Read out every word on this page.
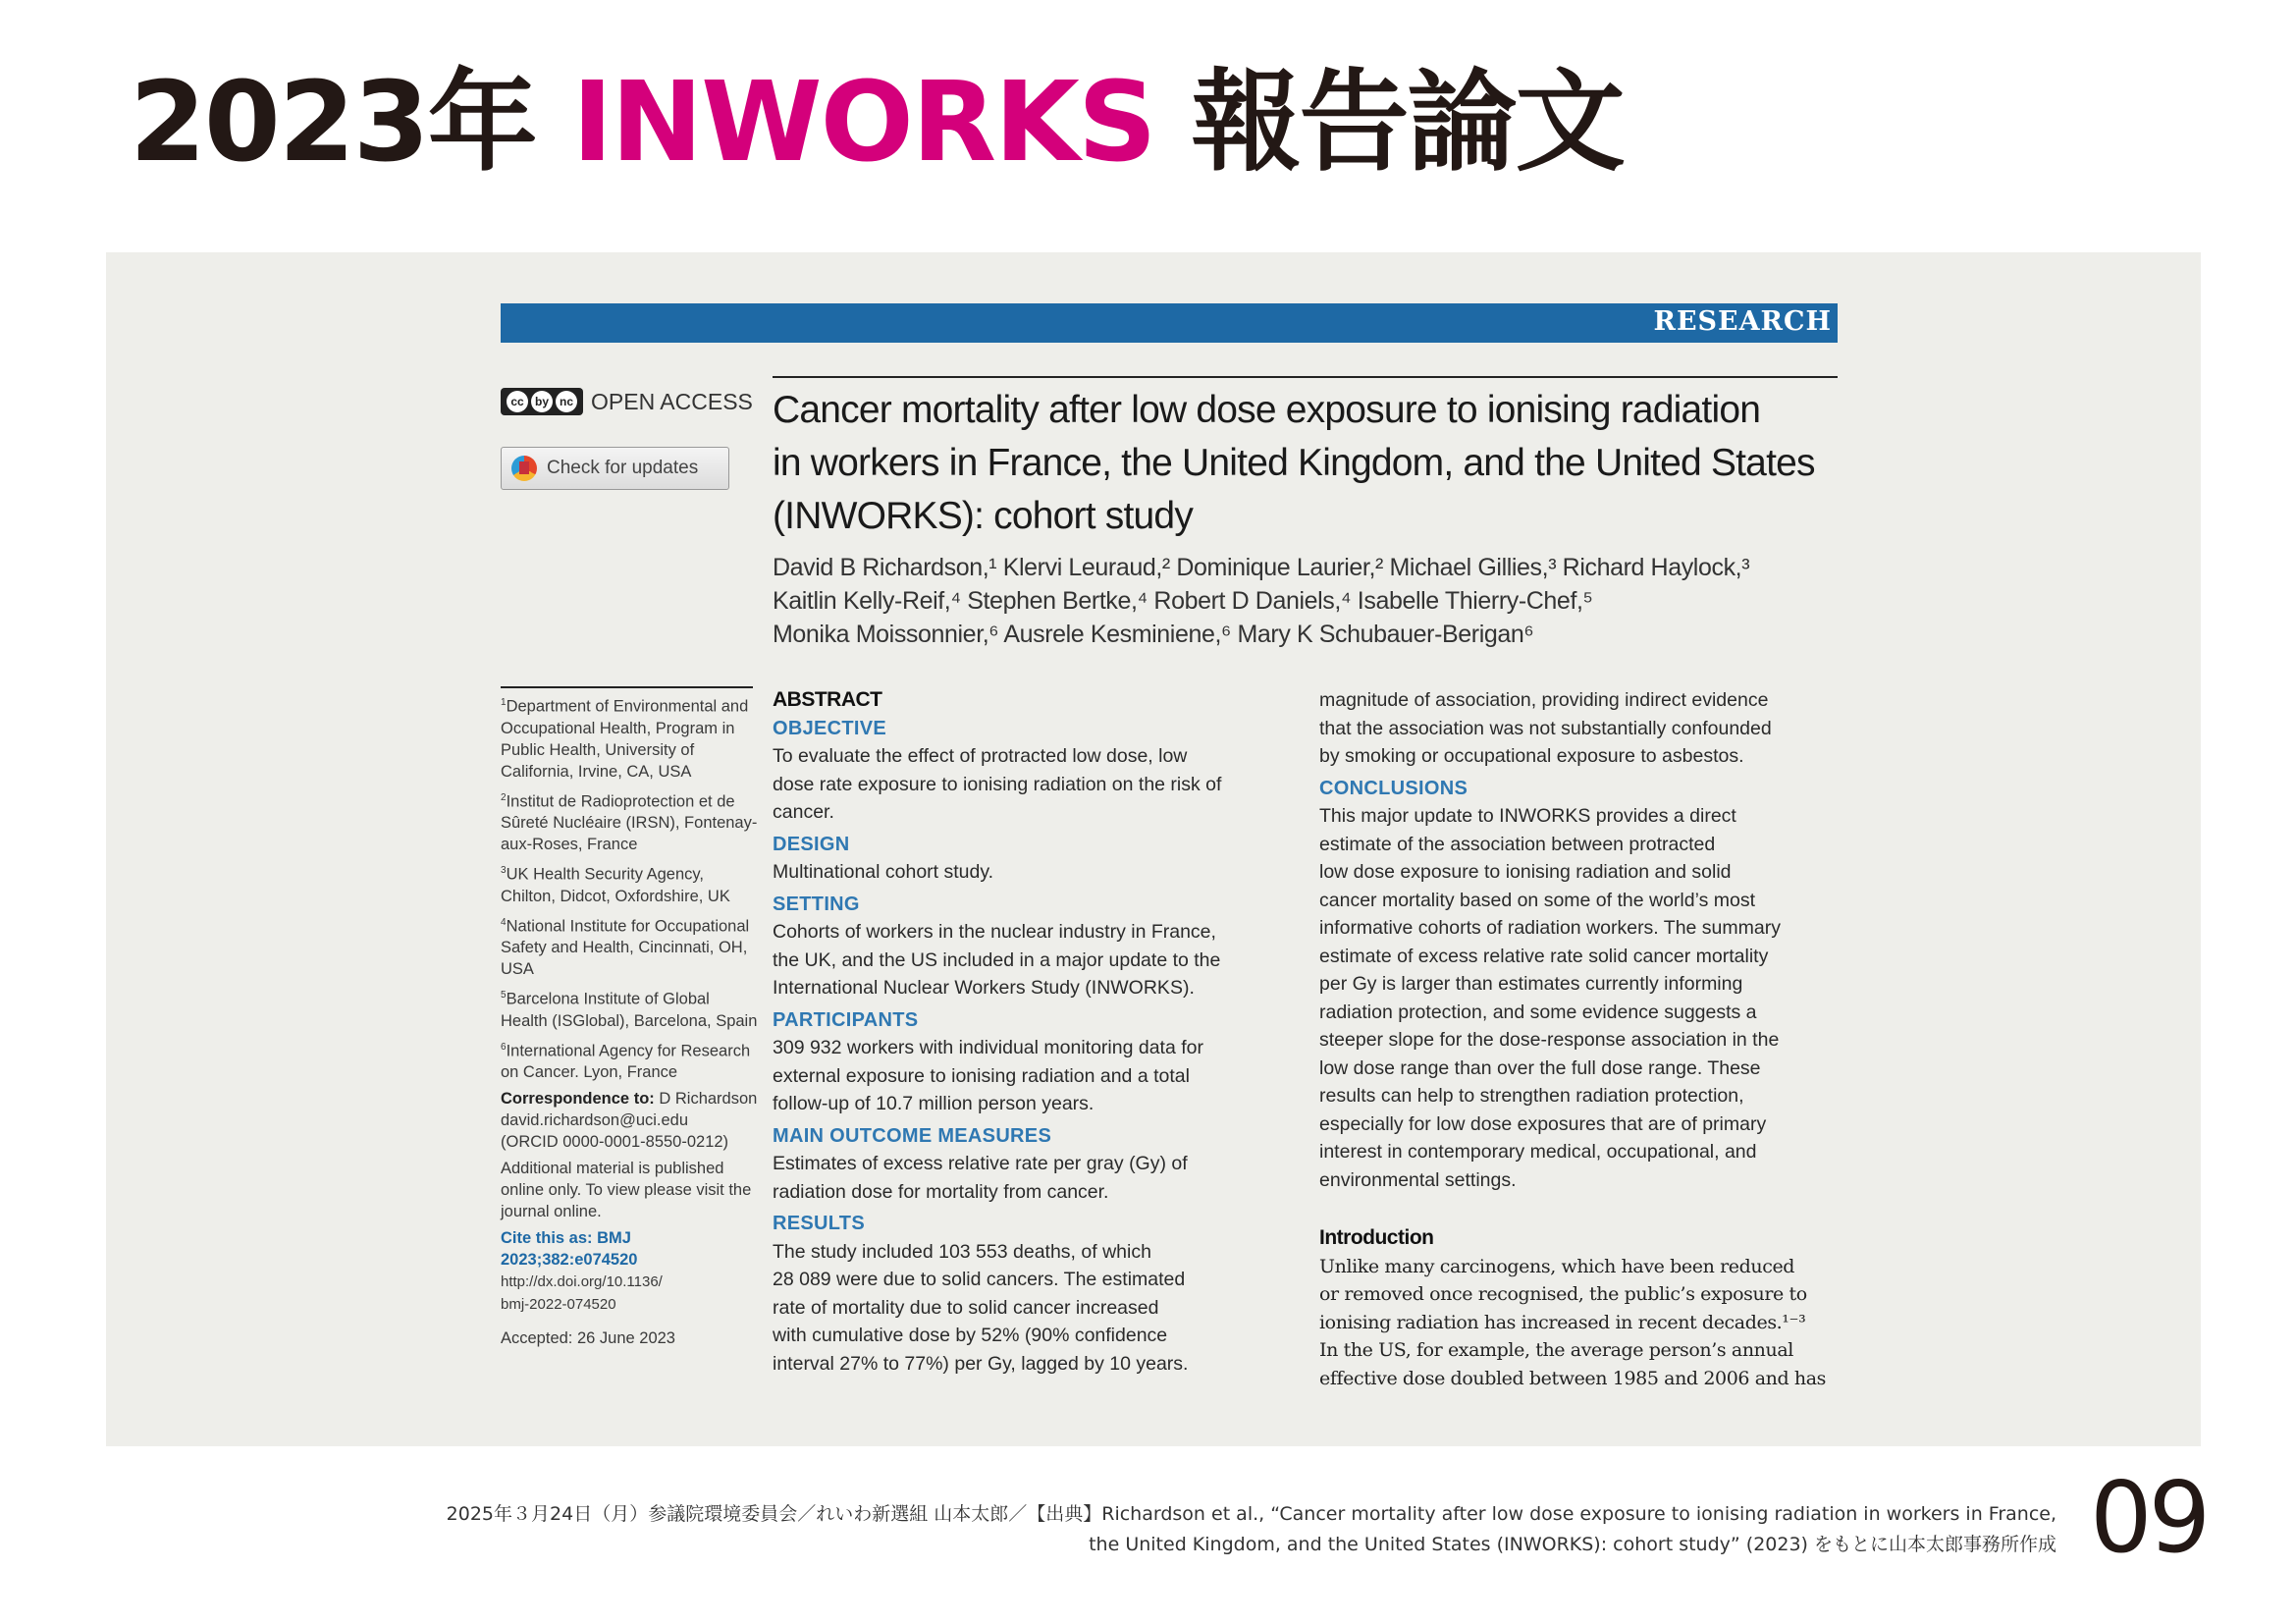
2023年 INWORKS 報告論文
RESEARCH
cc by nc OPEN ACCESS
Check for updates
Cancer mortality after low dose exposure to ionising radiation
in workers in France, the United Kingdom, and the United States
(INWORKS): cohort study
David B Richardson,¹ Klervi Leuraud,² Dominique Laurier,² Michael Gillies,³ Richard Haylock,³
Kaitlin Kelly-Reif,⁴ Stephen Bertke,⁴ Robert D Daniels,⁴ Isabelle Thierry-Chef,⁵
Monika Moissonnier,⁶ Ausrele Kesminiene,⁶ Mary K Schubauer-Berigan⁶

$^1$Department of Environmental and Occupational Health, Program in Public Health, University of California, Irvine, CA, USA

$^2$Institut de Radioprotection et de Sûreté Nucléaire (IRSN), Fontenay-aux-Roses, France

$^3$UK Health Security Agency, Chilton, Didcot, Oxfordshire, UK

$^4$National Institute for Occupational Safety and Health, Cincinnati, OH, USA

$^5$Barcelona Institute of Global Health (ISGlobal), Barcelona, Spain

$^6$International Agency for Research on Cancer. Lyon, France

Correspondence to: D Richardson
david.richardson@uci.edu
(ORCID 0000-0001-8550-0212)

Additional material is published online only. To view please visit the journal online.

Cite this as: BMJ 2023;382:e074520
http://dx.doi.org/10.1136/
bmj-2022-074520

Accepted: 26 June 2023

ABSTRACT
OBJECTIVE

To evaluate the effect of protracted low dose, low
dose rate exposure to ionising radiation on the risk of
cancer.

DESIGN

Multinational cohort study.

SETTING

Cohorts of workers in the nuclear industry in France,
the UK, and the US included in a major update to the
International Nuclear Workers Study (INWORKS).

PARTICIPANTS

309 932 workers with individual monitoring data for
external exposure to ionising radiation and a total
follow-up of 10.7 million person years.

MAIN OUTCOME MEASURES

Estimates of excess relative rate per gray (Gy) of
radiation dose for mortality from cancer.

RESULTS

The study included 103 553 deaths, of which
28 089 were due to solid cancers. The estimated
rate of mortality due to solid cancer increased
with cumulative dose by 52% (90% confidence
interval 27% to 77%) per Gy, lagged by 10 years.

magnitude of association, providing indirect evidence
that the association was not substantially confounded
by smoking or occupational exposure to asbestos.

CONCLUSIONS

This major update to INWORKS provides a direct
estimate of the association between protracted
low dose exposure to ionising radiation and solid
cancer mortality based on some of the world’s most
informative cohorts of radiation workers. The summary
estimate of excess relative rate solid cancer mortality
per Gy is larger than estimates currently informing
radiation protection, and some evidence suggests a
steeper slope for the dose-response association in the
low dose range than over the full dose range. These
results can help to strengthen radiation protection,
especially for low dose exposures that are of primary
interest in contemporary medical, occupational, and
environmental settings.

Introduction

Unlike many carcinogens, which have been reduced
or removed once recognised, the public’s exposure to
ionising radiation has increased in recent decades.¹⁻³
In the US, for example, the average person’s annual
effective dose doubled between 1985 and 2006 and has

2025年３月24日（月）参議院環境委員会／れいわ新選組 山本太郎／【出典】Richardson et al., “Cancer mortality after low dose exposure to ionising radiation in workers in France,
the United Kingdom, and the United States (INWORKS): cohort study” (2023) をもとに山本太郎事務所作成 09
